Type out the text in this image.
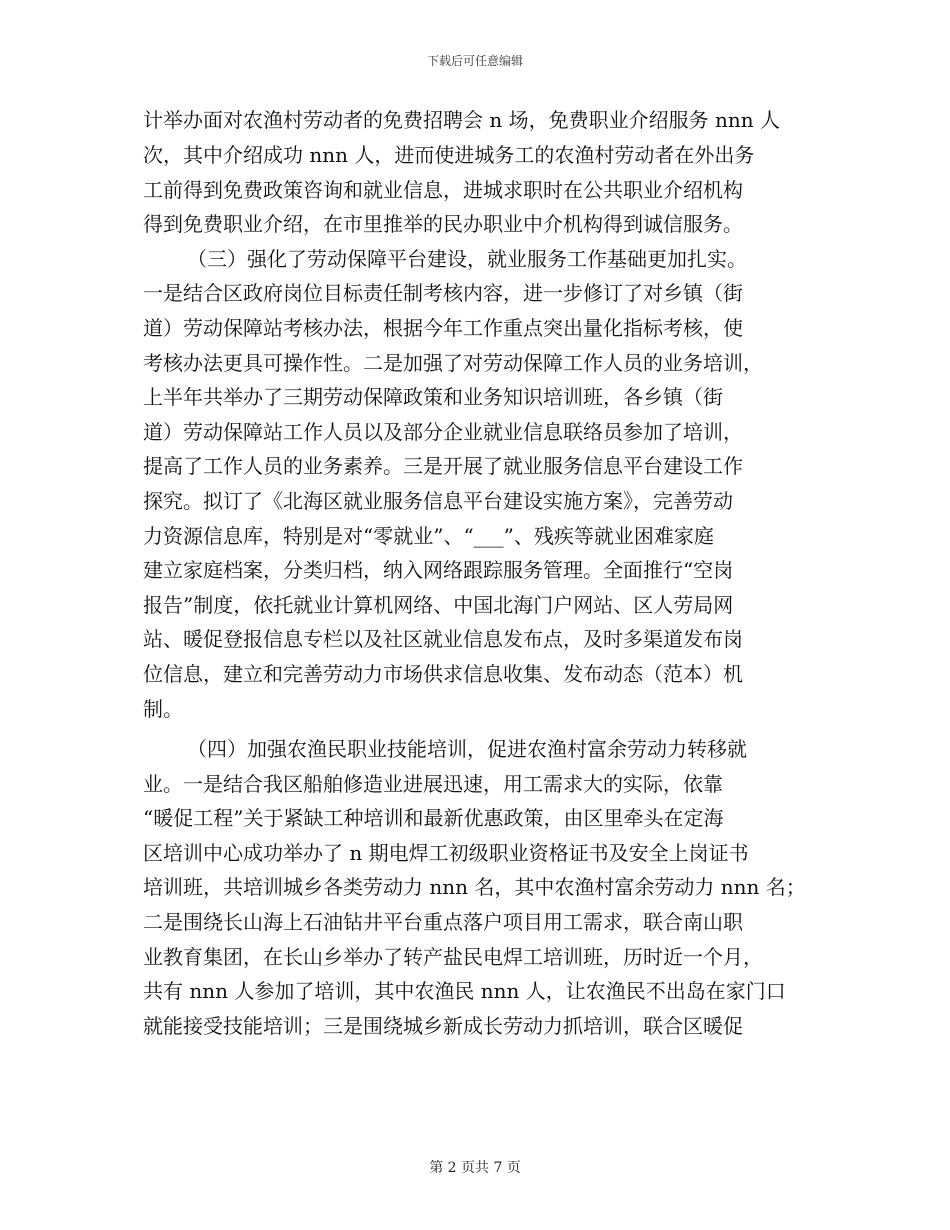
下载后可任意编辑
计举办面对农渔村劳动者的免费招聘会 n 场，免费职业介绍服务 nnn 人
次，其中介绍成功 nnn 人，进而使进城务工的农渔村劳动者在外出务
工前得到免费政策咨询和就业信息，进城求职时在公共职业介绍机构
得到免费职业介绍，在市里推举的民办职业中介机构得到诚信服务。
（三）强化了劳动保障平台建设，就业服务工作基础更加扎实。
一是结合区政府岗位目标责任制考核内容，进一步修订了对乡镇（街
道）劳动保障站考核办法，根据今年工作重点突出量化指标考核，使
考核办法更具可操作性。二是加强了对劳动保障工作人员的业务培训，
上半年共举办了三期劳动保障政策和业务知识培训班，各乡镇（街
道）劳动保障站工作人员以及部分企业就业信息联络员参加了培训，
提高了工作人员的业务素养。三是开展了就业服务信息平台建设工作
探究。拟订了《北海区就业服务信息平台建设实施方案》，完善劳动
力资源信息库，特别是对“零就业”、“___”、残疾等就业困难家庭
建立家庭档案，分类归档，纳入网络跟踪服务管理。全面推行“空岗
报告”制度，依托就业计算机网络、中国北海门户网站、区人劳局网
站、暖促登报信息专栏以及社区就业信息发布点，及时多渠道发布岗
位信息，建立和完善劳动力市场供求信息收集、发布动态（范本）机
制。
（四）加强农渔民职业技能培训，促进农渔村富余劳动力转移就
业。一是结合我区船舶修造业进展迅速，用工需求大的实际，依靠
“暖促工程”关于紧缺工种培训和最新优惠政策，由区里牵头在定海
区培训中心成功举办了 n 期电焊工初级职业资格证书及安全上岗证书
培训班，共培训城乡各类劳动力 nnn 名，其中农渔村富余劳动力 nnn 名；
二是围绕长山海上石油钻井平台重点落户项目用工需求，联合南山职
业教育集团，在长山乡举办了转产盐民电焊工培训班，历时近一个月，
共有 nnn 人参加了培训，其中农渔民 nnn 人，让农渔民不出岛在家门口
就能接受技能培训；三是围绕城乡新成长劳动力抓培训，联合区暖促
第 2 页共 7 页
